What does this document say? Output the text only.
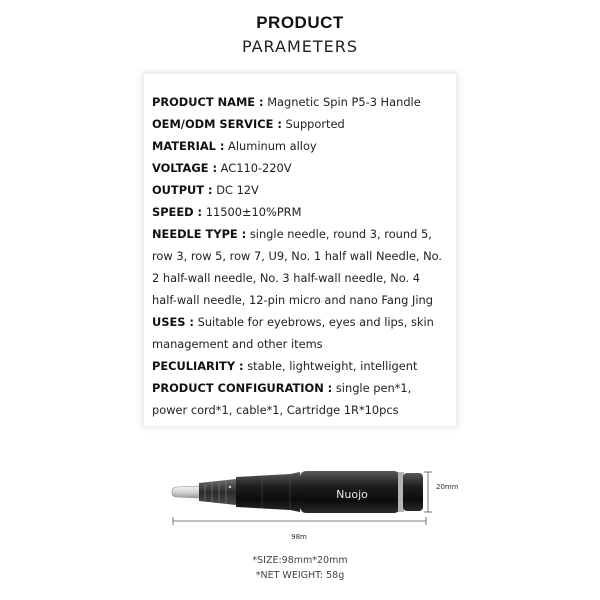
PRODUCT
PARAMETERS
PRODUCT NAME : Magnetic Spin P5-3 Handle
OEM/ODM SERVICE : Supported
MATERIAL : Aluminum alloy
VOLTAGE : AC110-220V
OUTPUT : DC 12V
SPEED : 11500±10%PRM
NEEDLE TYPE : single needle, round 3, round 5, row 3, row 5, row 7, U9, No. 1 half wall Needle, No. 2 half-wall needle, No. 3 half-wall needle, No. 4 half-wall needle, 12-pin micro and nano Fang Jing
USES : Suitable for eyebrows, eyes and lips, skin management and other items
PECULIARITY : stable, lightweight, intelligent
PRODUCT CONFIGURATION : single pen*1, power cord*1, cable*1, Cartridge 1R*10pcs
Nuojo
20mm
98m
*SIZE:98mm*20mm
*NET WEIGHT: 58g
